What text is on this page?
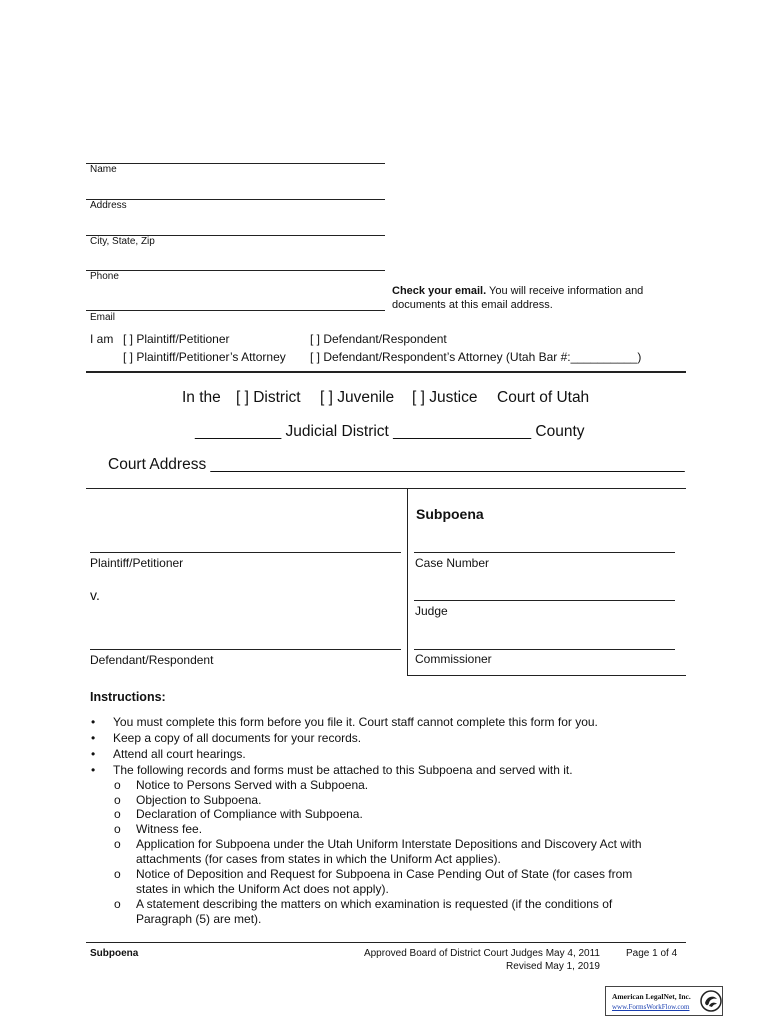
Name
Address
City, State, Zip
Phone
Email
Check your email. You will receive information and
documents at this email address.
I am [ ] Plaintiff/Petitioner	[ ] Defendant/Respondent
[ ] Plaintiff/Petitioner’s Attorney [ ] Defendant/Respondent’s Attorney (Utah Bar #:__________)
In the [ ] District [ ] Juvenile [ ] Justice Court of Utah
__________ Judicial District ________________ County
Court Address _______________________________________________________
Subpoena
Plaintiff/Petitioner
v.
Defendant/Respondent
Case Number
Judge
Commissioner
Instructions:
• You must complete this form before you file it. Court staff cannot complete this form for you.
• Keep a copy of all documents for your records.
• Attend all court hearings.
• The following records and forms must be attached to this Subpoena and served with it.
o Notice to Persons Served with a Subpoena.
o Objection to Subpoena.
o Declaration of Compliance with Subpoena.
o Witness fee.
o Application for Subpoena under the Utah Uniform Interstate Depositions and Discovery Act with
attachments (for cases from states in which the Uniform Act applies).
o Notice of Deposition and Request for Subpoena in Case Pending Out of State (for cases from
states in which the Uniform Act does not apply).
o A statement describing the matters on which examination is requested (if the conditions of
Paragraph (5) are met).
Subpoena	Approved Board of District Court Judges May 4, 2011
Revised May 1, 2019
Page 1 of 4
American LegalNet, Inc.
www.FormsWorkFlow.com
